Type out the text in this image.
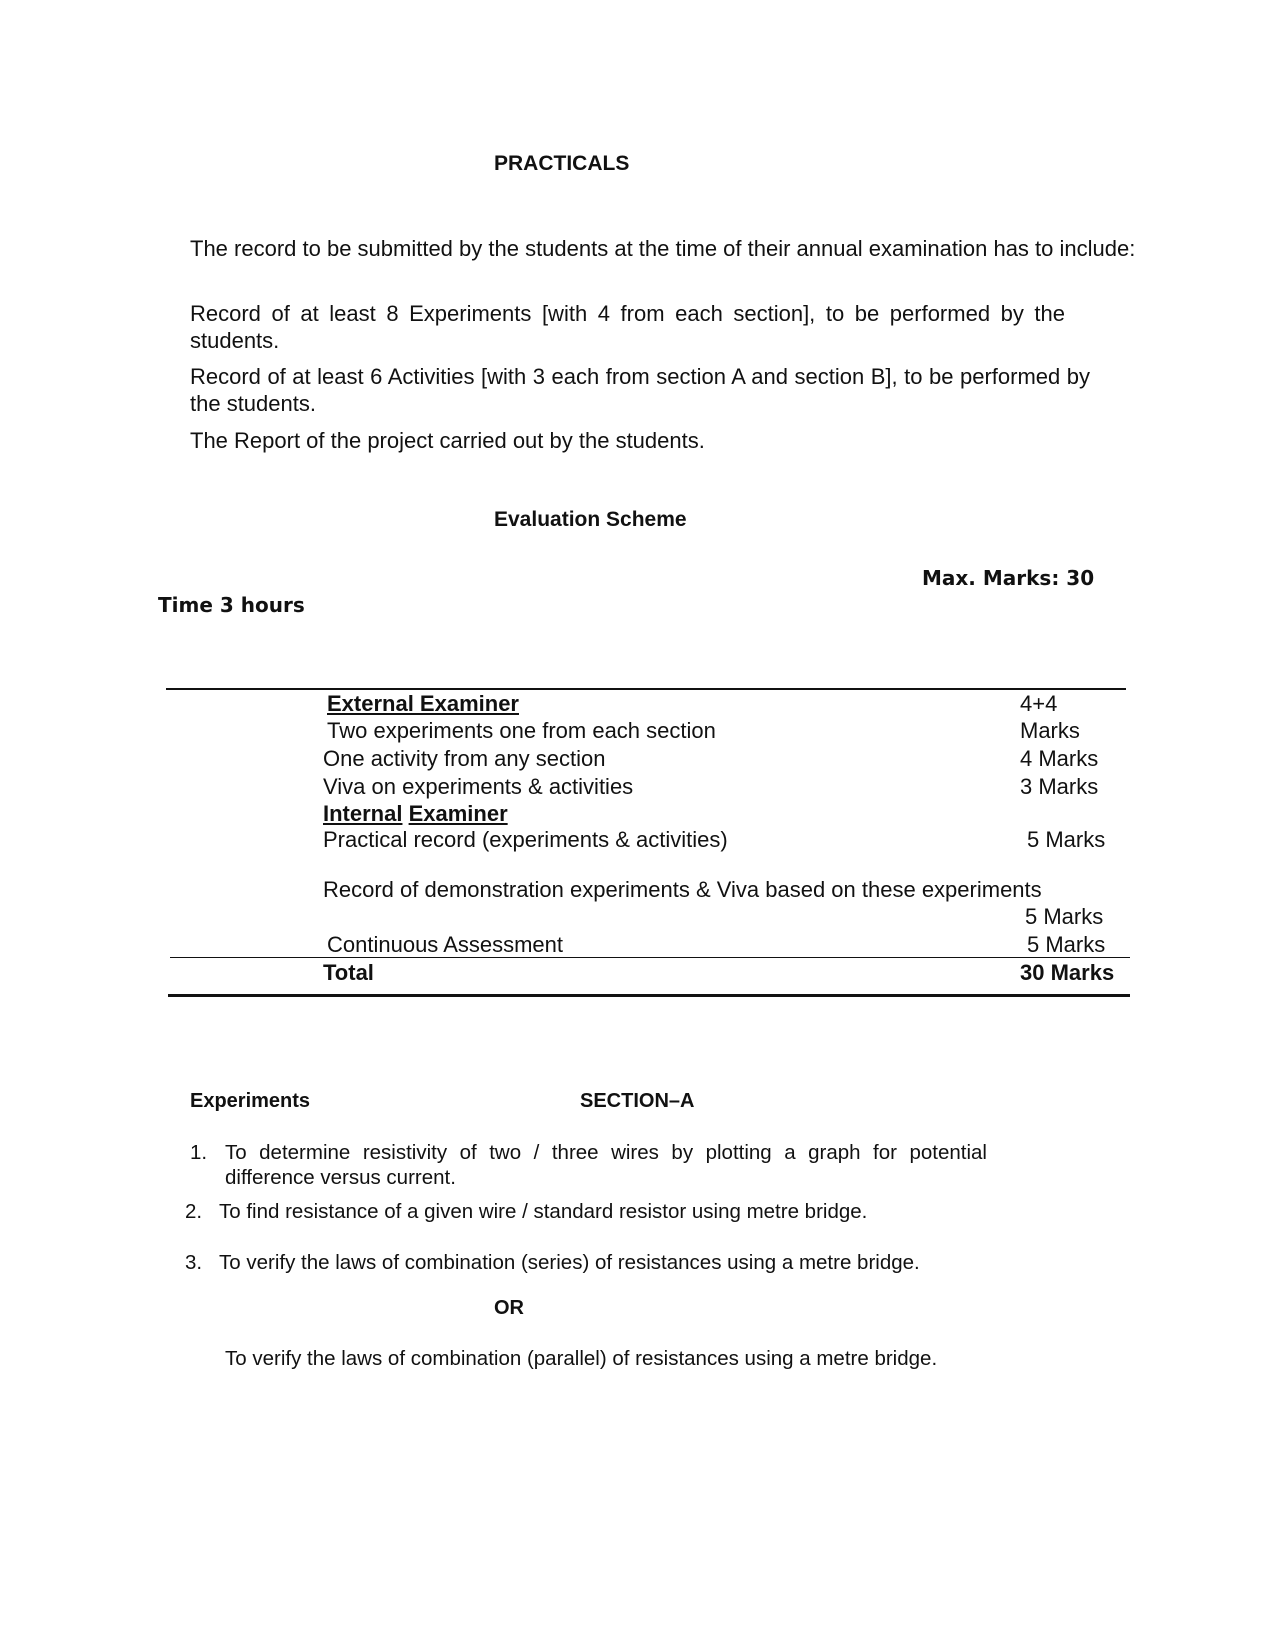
PRACTICALS
The record to be submitted by the students at the time of their annual examination has to include:
Record of at least 8 Experiments [with 4 from each section], to be performed by the students.
Record of at least 6 Activities [with 3 each from section A and section B], to be performed by the students.
The Report of the project carried out by the students.
Evaluation Scheme
Max. Marks: 30
Time 3 hours
External Examiner	4+4
Two experiments one from each section	Marks
One activity from any section	4 Marks
Viva on experiments & activities	3 Marks
Internal Examiner
Practical record (experiments & activities)	5 Marks
Record of demonstration experiments & Viva based on these experiments
5 Marks
Continuous Assessment	5 Marks
Total	30 Marks
Experiments	SECTION–A
1. To determine resistivity of two / three wires by plotting a graph for potential difference versus current.
2. To find resistance of a given wire / standard resistor using metre bridge.
3. To verify the laws of combination (series) of resistances using a metre bridge.
OR
To verify the laws of combination (parallel) of resistances using a metre bridge.
